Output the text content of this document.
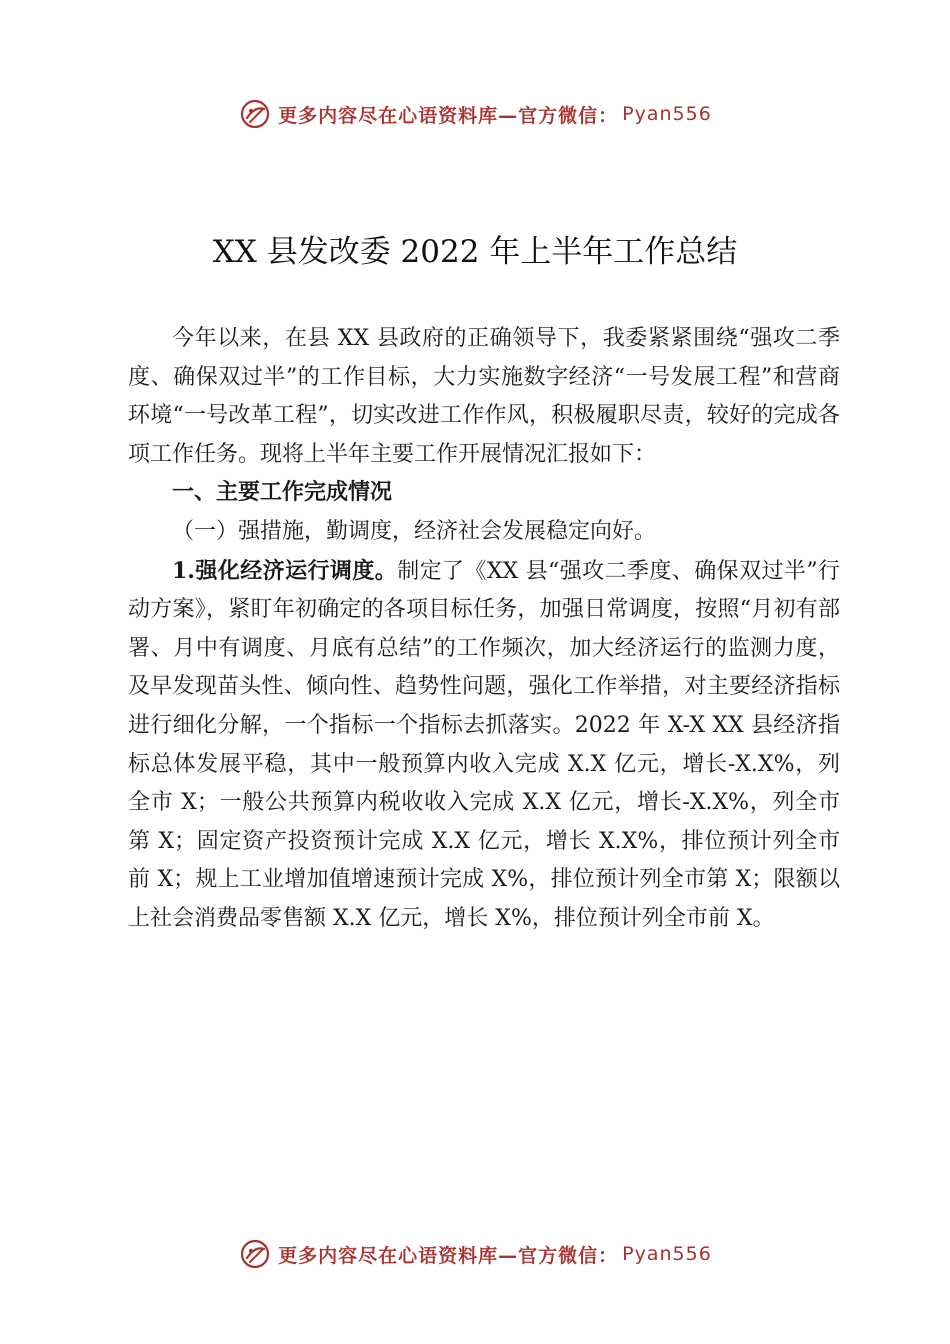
更多内容尽在心语资料库—官方微信： Pyan556
XX 县发改委 2022 年上半年工作总结

今年以来，在县 XX 县政府的正确领导下，我委紧紧围绕“强攻二季度、确保双过半”的工作目标，大力实施数字经济“一号发展工程”和营商环境“一号改革工程”，切实改进工作作风，积极履职尽责，较好的完成各项工作任务。现将上半年主要工作开展情况汇报如下：

一、主要工作完成情况

（一）强措施，勤调度，经济社会发展稳定向好。

1.强化经济运行调度。制定了《XX 县“强攻二季度、确保双过半”行动方案》，紧盯年初确定的各项目标任务，加强日常调度，按照“月初有部署、月中有调度、月底有总结”的工作频次，加大经济运行的监测力度，及早发现苗头性、倾向性、趋势性问题，强化工作举措，对主要经济指标进行细化分解，一个指标一个指标去抓落实。2022 年 X-X XX 县经济指标总体发展平稳，其中一般预算内收入完成 X.X 亿元，增长-X.X%，列全市 X；一般公共预算内税收收入完成 X.X 亿元，增长-X.X%，列全市第 X；固定资产投资预计完成 X.X 亿元，增长 X.X%，排位预计列全市前 X；规上工业增加值增速预计完成 X%，排位预计列全市第 X；限额以上社会消费品零售额 X.X 亿元，增长 X%，排位预计列全市前 X。

更多内容尽在心语资料库—官方微信： Pyan556
